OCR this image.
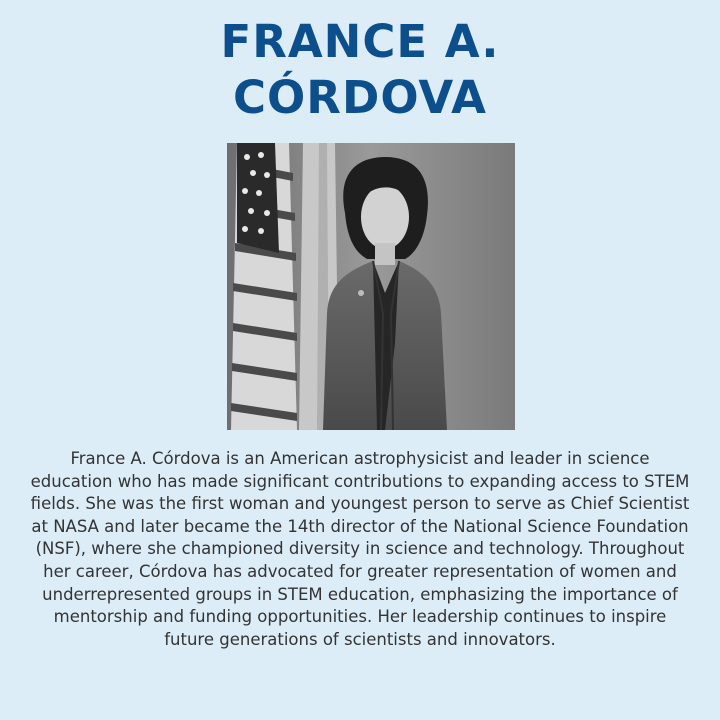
FRANCE A.
CÓRDOVA

France A. Córdova is an American astrophysicist and leader in science education who has made significant contributions to expanding access to STEM fields. She was the first woman and youngest person to serve as Chief Scientist at NASA and later became the 14th director of the National Science Foundation (NSF), where she championed diversity in science and technology. Throughout her career, Córdova has advocated for greater representation of women and underrepresented groups in STEM education, emphasizing the importance of mentorship and funding opportunities. Her leadership continues to inspire future generations of scientists and innovators.
